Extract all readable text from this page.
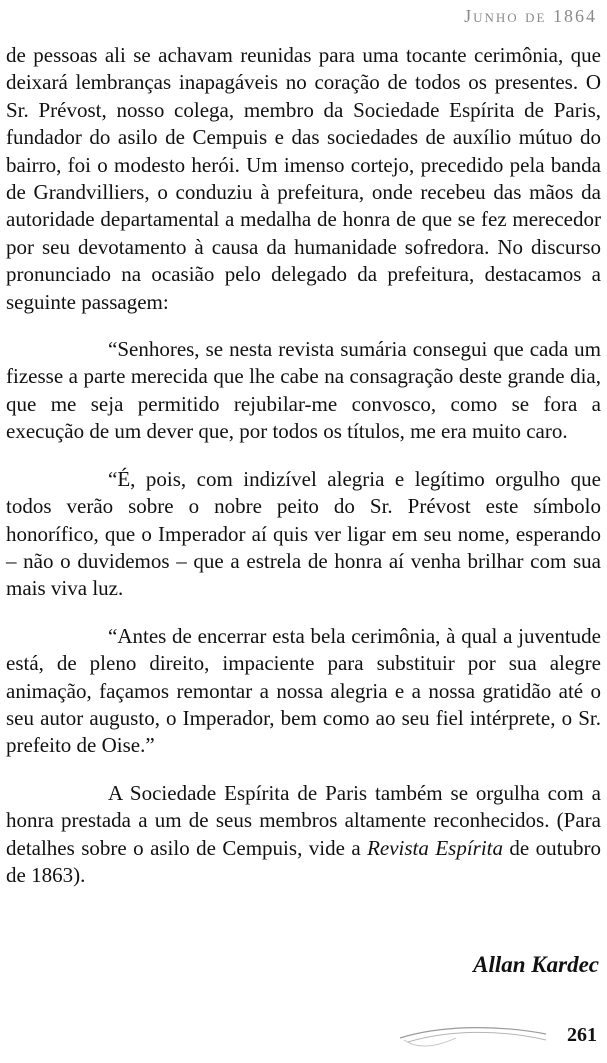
Junho de 1864

de pessoas ali se achavam reunidas para uma tocante cerimônia, que deixará lembranças inapagáveis no coração de todos os presentes. O Sr. Prévost, nosso colega, membro da Sociedade Espírita de Paris, fundador do asilo de Cempuis e das sociedades de auxílio mútuo do bairro, foi o modesto herói. Um imenso cortejo, precedido pela banda de Grandvilliers, o conduziu à prefeitura, onde recebeu das mãos da autoridade departamental a medalha de honra de que se fez merecedor por seu devotamento à causa da humanidade sofredora. No discurso pronunciado na ocasião pelo delegado da prefeitura, destacamos a seguinte passagem:

“Senhores, se nesta revista sumária consegui que cada um fizesse a parte merecida que lhe cabe na consagração deste grande dia, que me seja permitido rejubilar-me convosco, como se fora a execução de um dever que, por todos os títulos, me era muito caro.

“É, pois, com indizível alegria e legítimo orgulho que todos verão sobre o nobre peito do Sr. Prévost este símbolo honorífico, que o Imperador aí quis ver ligar em seu nome, esperando – não o duvidemos – que a estrela de honra aí venha brilhar com sua mais viva luz.

“Antes de encerrar esta bela cerimônia, à qual a juventude está, de pleno direito, impaciente para substituir por sua alegre animação, façamos remontar a nossa alegria e a nossa gratidão até o seu autor augusto, o Imperador, bem como ao seu fiel intérprete, o Sr. prefeito de Oise.”

A Sociedade Espírita de Paris também se orgulha com a honra prestada a um de seus membros altamente reconhecidos. (Para detalhes sobre o asilo de Cempuis, vide a Revista Espírita de outubro de 1863).

Allan Kardec
261
